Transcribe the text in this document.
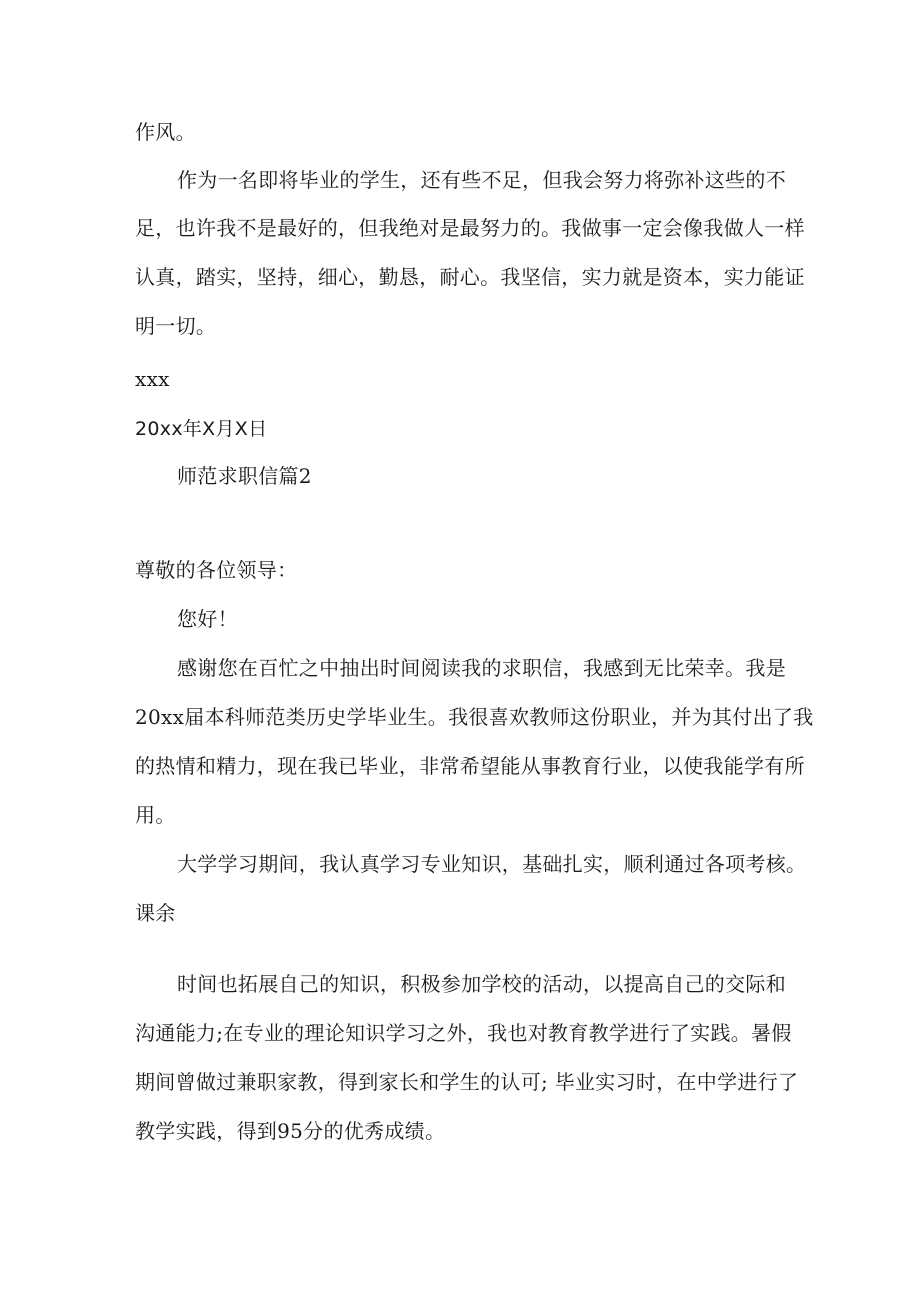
作风。

作为一名即将毕业的学生，还有些不足，但我会努力将弥补这些的不

足，也许我不是最好的，但我绝对是最努力的。我做事一定会像我做人一样

认真，踏实，坚持，细心，勤恳，耐心。我坚信，实力就是资本，实力能证

明一切。

xxx

20xx年X月X日

师范求职信篇2

尊敬的各位领导：

您好！

感谢您在百忙之中抽出时间阅读我的求职信，我感到无比荣幸。我是

20xx届本科师范类历史学毕业生。我很喜欢教师这份职业，并为其付出了我

的热情和精力，现在我已毕业，非常希望能从事教育行业，以使我能学有所

用。

大学学习期间，我认真学习专业知识，基础扎实，顺利通过各项考核。

课余

时间也拓展自己的知识，积极参加学校的活动，以提高自己的交际和

沟通能力;在专业的理论知识学习之外，我也对教育教学进行了实践。暑假

期间曾做过兼职家教，得到家长和学生的认可; 毕业实习时，在中学进行了

教学实践，得到95分的优秀成绩。
